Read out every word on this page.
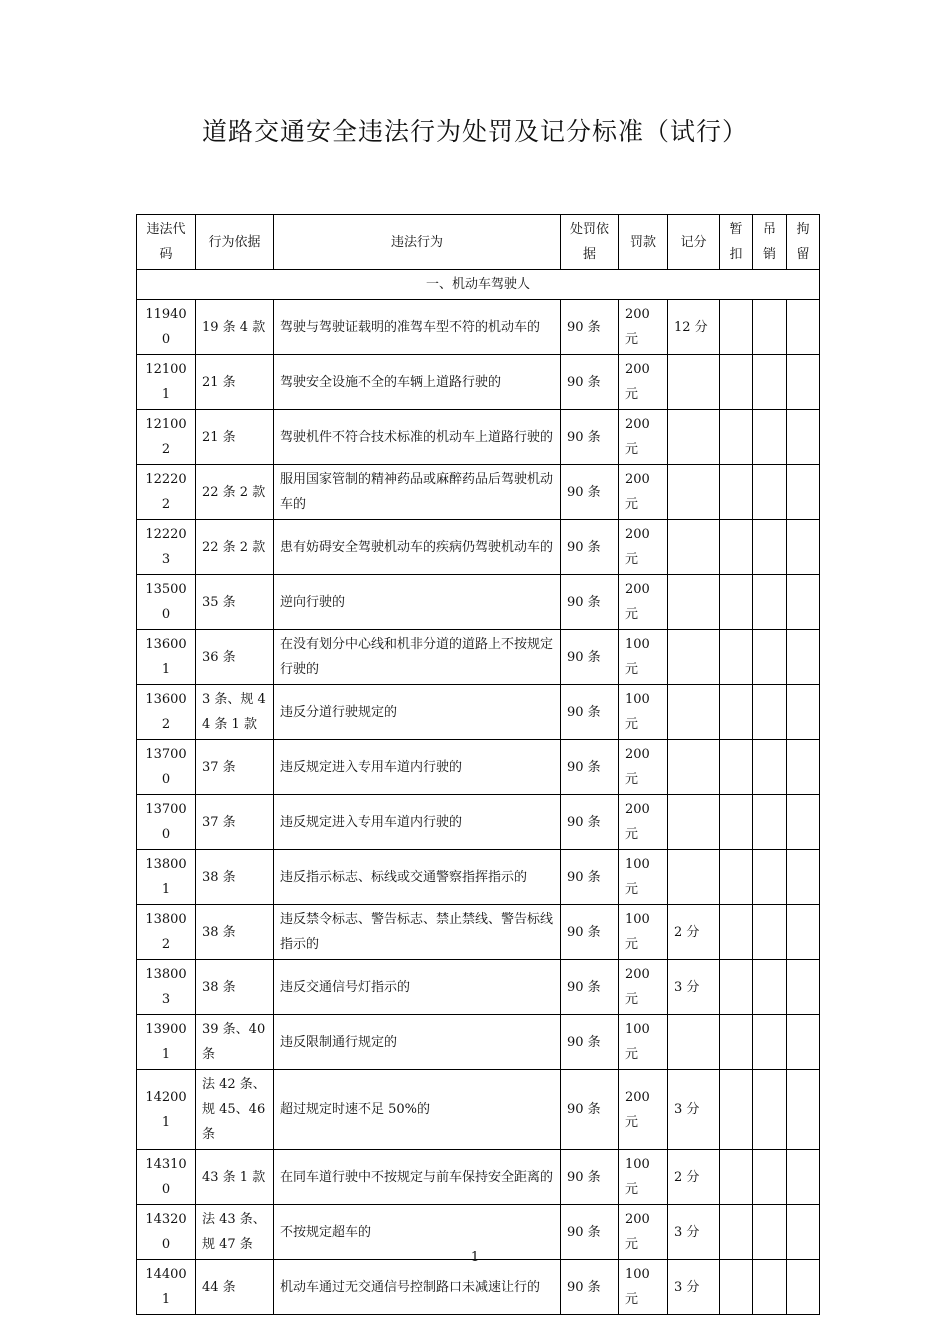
道路交通安全违法行为处罚及记分标准（试行）
违法代码	行为依据	违法行为	处罚依据	罚款	记分	暂扣	吊销	拘留
一、机动车驾驶人								
119400	19 条 4 款	驾驶与驾驶证载明的准驾车型不符的机动车的	90 条	200 元	12 分			
121001	21 条	驾驶安全设施不全的车辆上道路行驶的	90 条	200 元				
121002	21 条	驾驶机件不符合技术标准的机动车上道路行驶的	90 条	200 元				
122202	22 条 2 款	服用国家管制的精神药品或麻醉药品后驾驶机动车的	90 条	200 元				
122203	22 条 2 款	患有妨碍安全驾驶机动车的疾病仍驾驶机动车的	90 条	200 元				
135000	35 条	逆向行驶的	90 条	200 元				
136001	36 条	在没有划分中心线和机非分道的道路上不按规定行驶的	90 条	100 元				
136002	3 条、规 44 条 1 款	违反分道行驶规定的	90 条	100 元				
137000	37 条	违反规定进入专用车道内行驶的	90 条	200 元				
137000	37 条	违反规定进入专用车道内行驶的	90 条	200 元				
138001	38 条	违反指示标志、标线或交通警察指挥指示的	90 条	100 元				
138002	38 条	违反禁令标志、警告标志、禁止禁线、警告标线指示的	90 条	100 元	2 分			
138003	38 条	违反交通信号灯指示的	90 条	200 元	3 分			
139001	39 条、40 条	违反限制通行规定的	90 条	100 元				
142001	法 42 条、规 45、46 条	超过规定时速不足 50%的	90 条	200 元	3 分			
143100	43 条 1 款	在同车道行驶中不按规定与前车保持安全距离的	90 条	100 元	2 分			
143200	法 43 条、规 47 条	不按规定超车的	90 条	200 元	3 分			
144001	44 条	机动车通过无交通信号控制路口未减速让行的	90 条	100 元	3 分			
1
